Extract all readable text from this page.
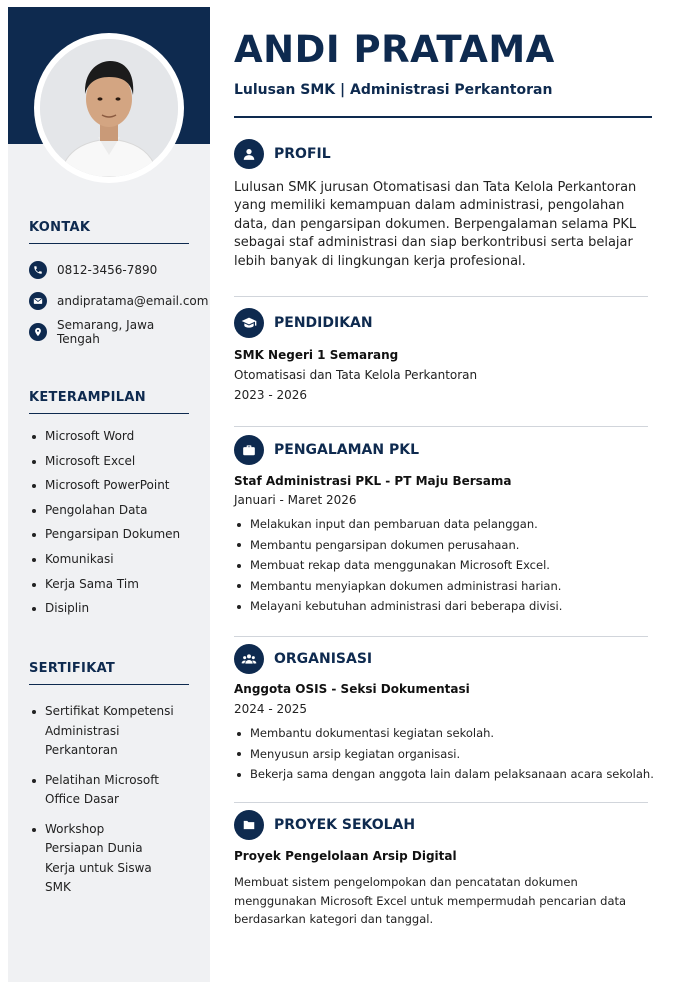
KONTAK
0812-3456-7890
andipratama@email.com
Semarang, Jawa Tengah
KETERAMPILAN
Microsoft Word
Microsoft Excel
Microsoft PowerPoint
Pengolahan Data
Pengarsipan Dokumen
Komunikasi
Kerja Sama Tim
Disiplin
SERTIFIKAT
Sertifikat Kompetensi Administrasi Perkantoran
Pelatihan Microsoft Office Dasar
Workshop Persiapan Dunia Kerja untuk Siswa SMK
ANDI PRATAMA
Lulusan SMK | Administrasi Perkantoran
PROFIL
Lulusan SMK jurusan Otomatisasi dan Tata Kelola Perkantoran yang memiliki kemampuan dalam administrasi, pengolahan data, dan pengarsipan dokumen. Berpengalaman selama PKL sebagai staf administrasi dan siap berkontribusi serta belajar lebih banyak di lingkungan kerja profesional.
PENDIDIKAN
SMK Negeri 1 Semarang
Otomatisasi dan Tata Kelola Perkantoran
2023 - 2026
PENGALAMAN PKL
Staf Administrasi PKL - PT Maju Bersama
Januari - Maret 2026
Melakukan input dan pembaruan data pelanggan.
Membantu pengarsipan dokumen perusahaan.
Membuat rekap data menggunakan Microsoft Excel.
Membantu menyiapkan dokumen administrasi harian.
Melayani kebutuhan administrasi dari beberapa divisi.
ORGANISASI
Anggota OSIS - Seksi Dokumentasi
2024 - 2025
Membantu dokumentasi kegiatan sekolah.
Menyusun arsip kegiatan organisasi.
Bekerja sama dengan anggota lain dalam pelaksanaan acara sekolah.
PROYEK SEKOLAH
Proyek Pengelolaan Arsip Digital
Membuat sistem pengelompokan dan pencatatan dokumen menggunakan Microsoft Excel untuk mempermudah pencarian data berdasarkan kategori dan tanggal.
